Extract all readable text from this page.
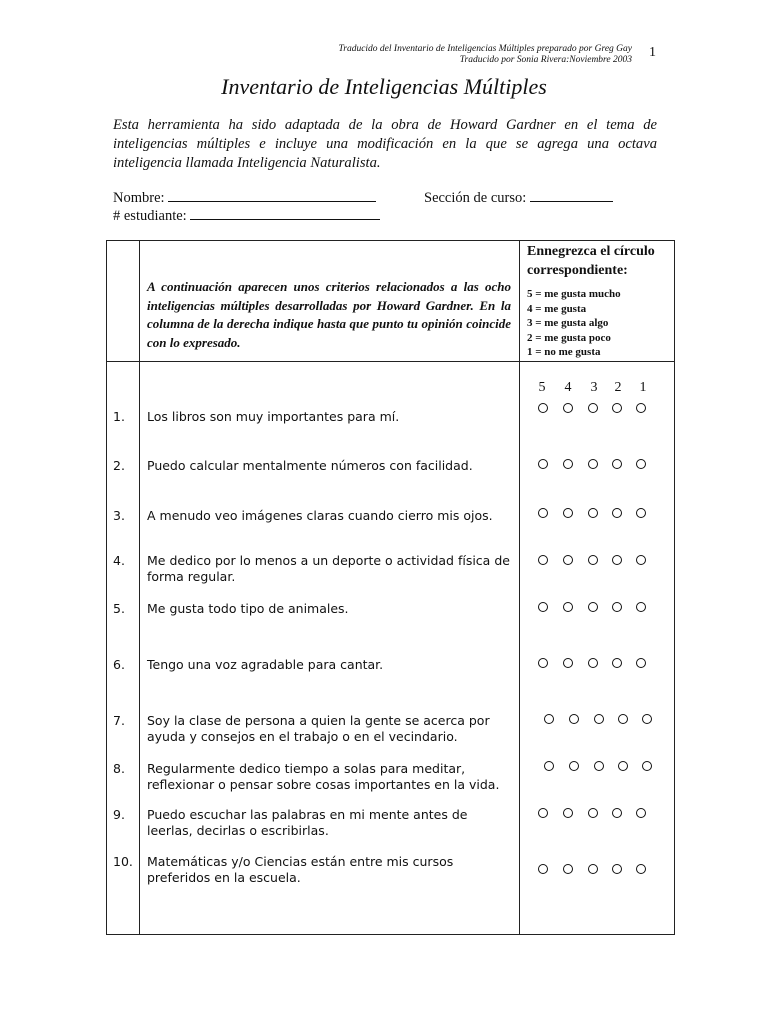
Traducido del Inventario de Inteligencias Múltiples preparado por Greg Gay
Traducido por Sonia Rivera:Noviembre 2003 1
Inventario de Inteligencias Múltiples
Esta herramienta ha sido adaptada de la obra de Howard Gardner en el tema de inteligencias múltiples e incluye una modificación en la que se agrega una octava inteligencia llamada Inteligencia Naturalista.
Nombre:	Sección de curso:
# estudiante:
A continuación aparecen unos criterios relacionados a las ocho inteligencias múltiples desarrolladas por Howard Gardner. En la columna de la derecha indique hasta que punto tu opinión coincide con lo expresado.
Ennegrezca el círculo correspondiente:
5 = me gusta mucho
4 = me gusta
3 = me gusta algo
2 = me gusta poco
1 = no me gusta
5 4 3 2 1
1. Los libros son muy importantes para mí.
2. Puedo calcular mentalmente números con facilidad.
3. A menudo veo imágenes claras cuando cierro mis ojos.
4. Me dedico por lo menos a un deporte o actividad física de forma regular.
5. Me gusta todo tipo de animales.
6. Tengo una voz agradable para cantar.
7. Soy la clase de persona a quien la gente se acerca por ayuda y consejos en el trabajo o en el vecindario.
8. Regularmente dedico tiempo a solas para meditar, reflexionar o pensar sobre cosas importantes en la vida.
9. Puedo escuchar las palabras en mi mente antes de leerlas, decirlas o escribirlas.
10. Matemáticas y/o Ciencias están entre mis cursos preferidos en la escuela.
